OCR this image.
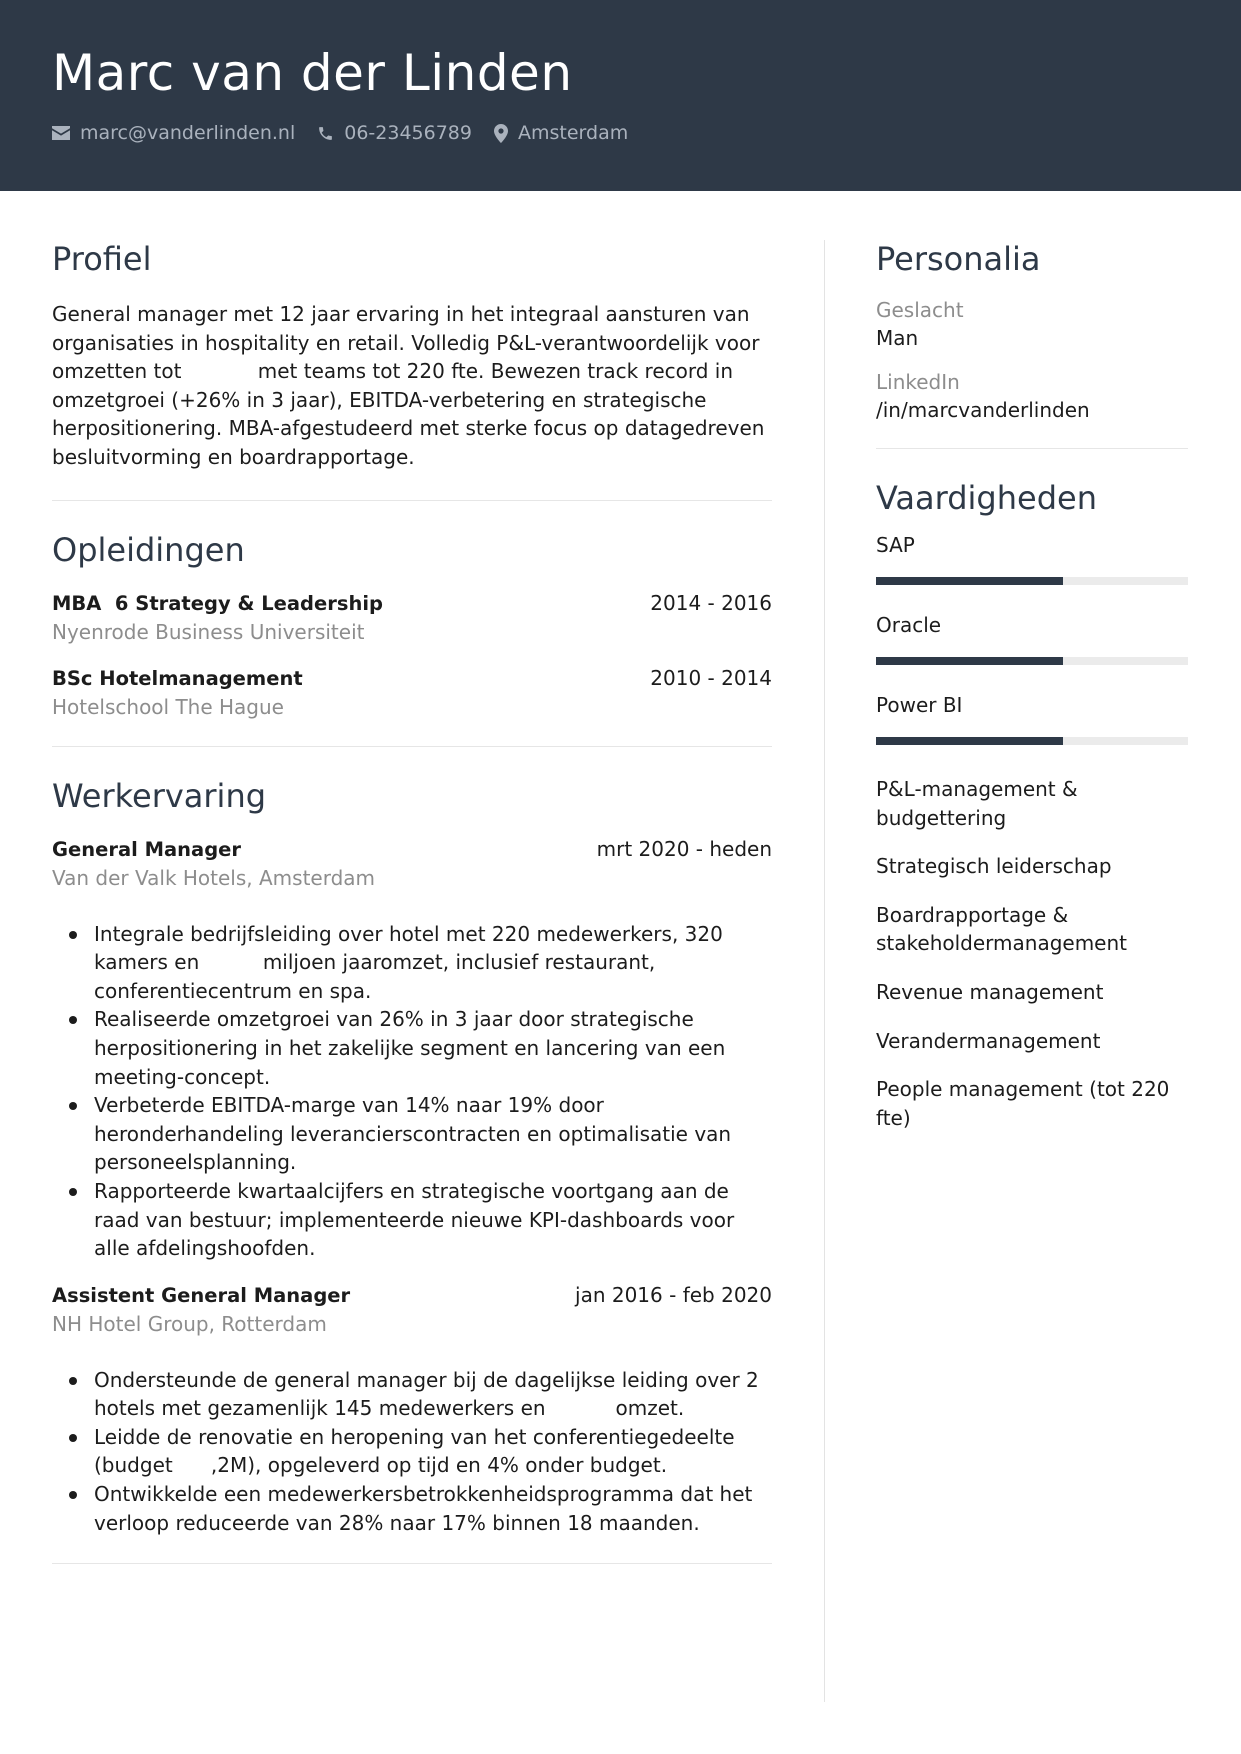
Marc van der Linden
marc@vanderlinden.nl	06-23456789 Amsterdam
Profiel
General manager met 12 jaar ervaring in het integraal aansturen van organisaties in hospitality en retail. Volledig P&L-verantwoordelijk voor omzetten tot            met teams tot 220 fte. Bewezen track record in omzetgroei (+26% in 3 jaar), EBITDA-verbetering en strategische herpositionering. MBA-afgestudeerd met sterke focus op datagedreven besluitvorming en boardrapportage.
Opleidingen
MBA  6 Strategy & Leadership	2014 - 2016
Nyenrode Business Universiteit
BSc Hotelmanagement	2010 - 2014
Hotelschool The Hague
Werkervaring
General Manager	mrt 2020 - heden
Van der Valk Hotels, Amsterdam
Integrale bedrijfsleiding over hotel met 220 medewerkers, 320 kamers en          miljoen jaaromzet, inclusief restaurant, conferentiecentrum en spa.
Realiseerde omzetgroei van 26% in 3 jaar door strategische herpositionering in het zakelijke segment en lancering van een meeting-concept.
Verbeterde EBITDA-marge van 14% naar 19% door heronderhandeling leverancierscontracten en optimalisatie van personeelsplanning.
Rapporteerde kwartaalcijfers en strategische voortgang aan de raad van bestuur; implementeerde nieuwe KPI-dashboards voor alle afdelingshoofden.
Assistent General Manager	jan 2016 - feb 2020
NH Hotel Group, Rotterdam
Ondersteunde de general manager bij de dagelijkse leiding over 2 hotels met gezamenlijk 145 medewerkers en           omzet.
Leidde de renovatie en heropening van het conferentiegedeelte (budget      ,2M), opgeleverd op tijd en 4% onder budget.
Ontwikkelde een medewerkersbetrokkenheidsprogramma dat het verloop reduceerde van 28% naar 17% binnen 18 maanden.
Personalia
Geslacht
Man
LinkedIn
/in/marcvanderlinden
Vaardigheden
SAP
Oracle
Power BI
P&L-management & budgettering
Strategisch leiderschap
Boardrapportage & stakeholdermanagement
Revenue management
Verandermanagement
People management (tot 220 fte)
